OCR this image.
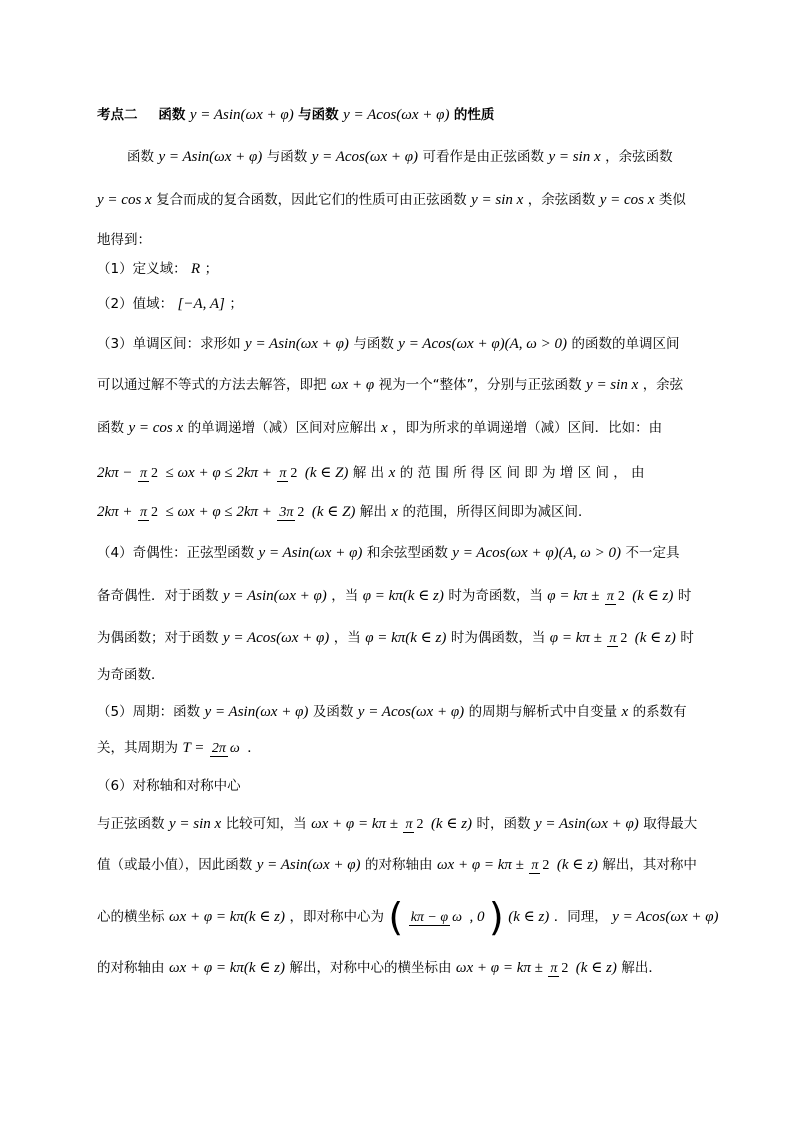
考点二 函数 y = Asin(ωx + φ) 与函数 y = Acos(ωx + φ) 的性质
函数 y = Asin(ωx + φ) 与函数 y = Acos(ωx + φ) 可看作是由正弦函数 y = sin x ，余弦函数
y = cos x 复合而成的复合函数，因此它们的性质可由正弦函数 y = sin x ，余弦函数 y = cos x 类似
地得到：
（1）定义域： R ；
（2）值域： [−A, A] ；
（3）单调区间：求形如 y = Asin(ωx + φ) 与函数 y = Acos(ωx + φ)(A, ω > 0) 的函数的单调区间
可以通过解不等式的方法去解答，即把 ωx + φ 视为一个“整体”，分别与正弦函数 y = sin x ，余弦
函数 y = cos x 的单调递增（减）区间对应解出 x ，即为所求的单调递增（减）区间．比如：由
2kπ − π 2 ≤ ωx + φ ≤ 2kπ + π 2 (k ∈ Z) 解 出 x 的 范 围 所 得 区 间 即 为 增 区 间 ， 由
2kπ + π 2 ≤ ωx + φ ≤ 2kπ + 3π 2 (k ∈ Z) 解出 x 的范围，所得区间即为减区间．
（4）奇偶性：正弦型函数 y = Asin(ωx + φ) 和余弦型函数 y = Acos(ωx + φ)(A, ω > 0) 不一定具
备奇偶性．对于函数 y = Asin(ωx + φ) ，当 φ = kπ(k ∈ z) 时为奇函数，当 φ = kπ ± π 2 (k ∈ z) 时
为偶函数；对于函数 y = Acos(ωx + φ) ，当 φ = kπ(k ∈ z) 时为偶函数，当 φ = kπ ± π 2 (k ∈ z) 时
为奇函数．
（5）周期：函数 y = Asin(ωx + φ) 及函数 y = Acos(ωx + φ) 的周期与解析式中自变量 x 的系数有
关，其周期为 T = 2π ω ．
（6）对称轴和对称中心
与正弦函数 y = sin x 比较可知，当 ωx + φ = kπ ± π 2 (k ∈ z) 时，函数 y = Asin(ωx + φ) 取得最大
值（或最小值），因此函数 y = Asin(ωx + φ) 的对称轴由 ωx + φ = kπ ± π 2 (k ∈ z) 解出，其对称中
心的横坐标 ωx + φ = kπ(k ∈ z) ，即对称中心为 ( kπ − φ ω , 0 ) (k ∈ z) ．同理， y = Acos(ωx + φ)
的对称轴由 ωx + φ = kπ(k ∈ z) 解出，对称中心的横坐标由 ωx + φ = kπ ± π 2 (k ∈ z) 解出．
